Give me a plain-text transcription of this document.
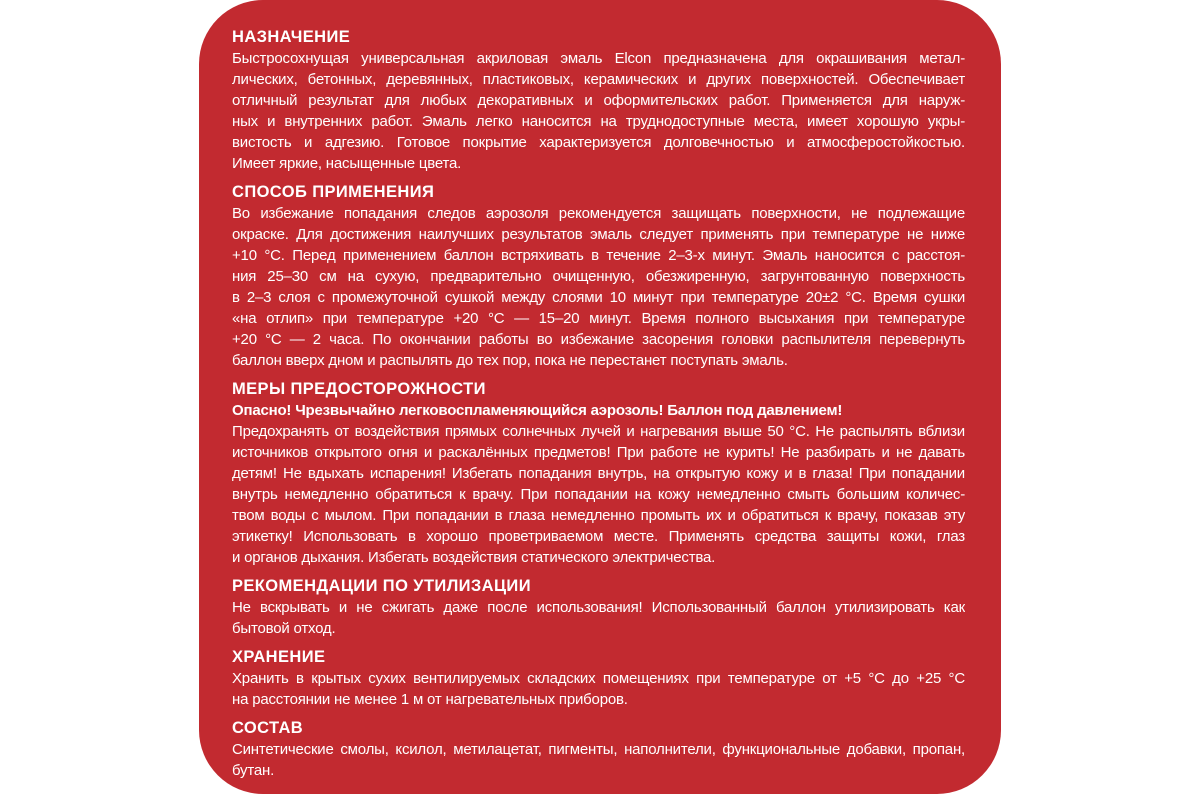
НАЗНАЧЕНИЕ
Быстросохнущая универсальная акриловая эмаль Elcon предназначена для окрашивания метал-
лических, бетонных, деревянных, пластиковых, керамических и других поверхностей. Обеспечивает
отличный результат для любых декоративных и оформительских работ. Применяется для наруж-
ных и внутренних работ. Эмаль легко наносится на труднодоступные места, имеет хорошую укры-
вистость и адгезию. Готовое покрытие характеризуется долговечностью и атмосферостойкостью.
Имеет яркие, насыщенные цвета.
СПОСОБ ПРИМЕНЕНИЯ
Во избежание попадания следов аэрозоля рекомендуется защищать поверхности, не подлежащие
окраске. Для достижения наилучших результатов эмаль следует применять при температуре не ниже
+10 °C. Перед применением баллон встряхивать в течение 2–3-х минут. Эмаль наносится с расстоя-
ния 25–30 см на сухую, предварительно очищенную, обезжиренную, загрунтованную поверхность
в 2–3 слоя с промежуточной сушкой между слоями 10 минут при температуре 20±2 °C. Время сушки
«на отлип» при температуре +20 °C — 15–20 минут. Время полного высыхания при температуре
+20 °C — 2 часа. По окончании работы во избежание засорения головки распылителя перевернуть
баллон вверх дном и распылять до тех пор, пока не перестанет поступать эмаль.
МЕРЫ ПРЕДОСТОРОЖНОСТИ
Опасно! Чрезвычайно легковоспламеняющийся аэрозоль! Баллон под давлением!
Предохранять от воздействия прямых солнечных лучей и нагревания выше 50 °C. Не распылять вблизи
источников открытого огня и раскалённых предметов! При работе не курить! Не разбирать и не давать
детям! Не вдыхать испарения! Избегать попадания внутрь, на открытую кожу и в глаза! При попадании
внутрь немедленно обратиться к врачу. При попадании на кожу немедленно смыть большим количес-
твом воды с мылом. При попадании в глаза немедленно промыть их и обратиться к врачу, показав эту
этикетку! Использовать в хорошо проветриваемом месте. Применять средства защиты кожи, глаз
и органов дыхания. Избегать воздействия статического электричества.
РЕКОМЕНДАЦИИ ПО УТИЛИЗАЦИИ
Не вскрывать и не сжигать даже после использования! Использованный баллон утилизировать как
бытовой отход.
ХРАНЕНИЕ
Хранить в крытых сухих вентилируемых складских помещениях при температуре от +5 °C до +25 °C
на расстоянии не менее 1 м от нагревательных приборов.
СОСТАВ
Синтетические смолы, ксилол, метилацетат, пигменты, наполнители, функциональные добавки, пропан,
бутан.
